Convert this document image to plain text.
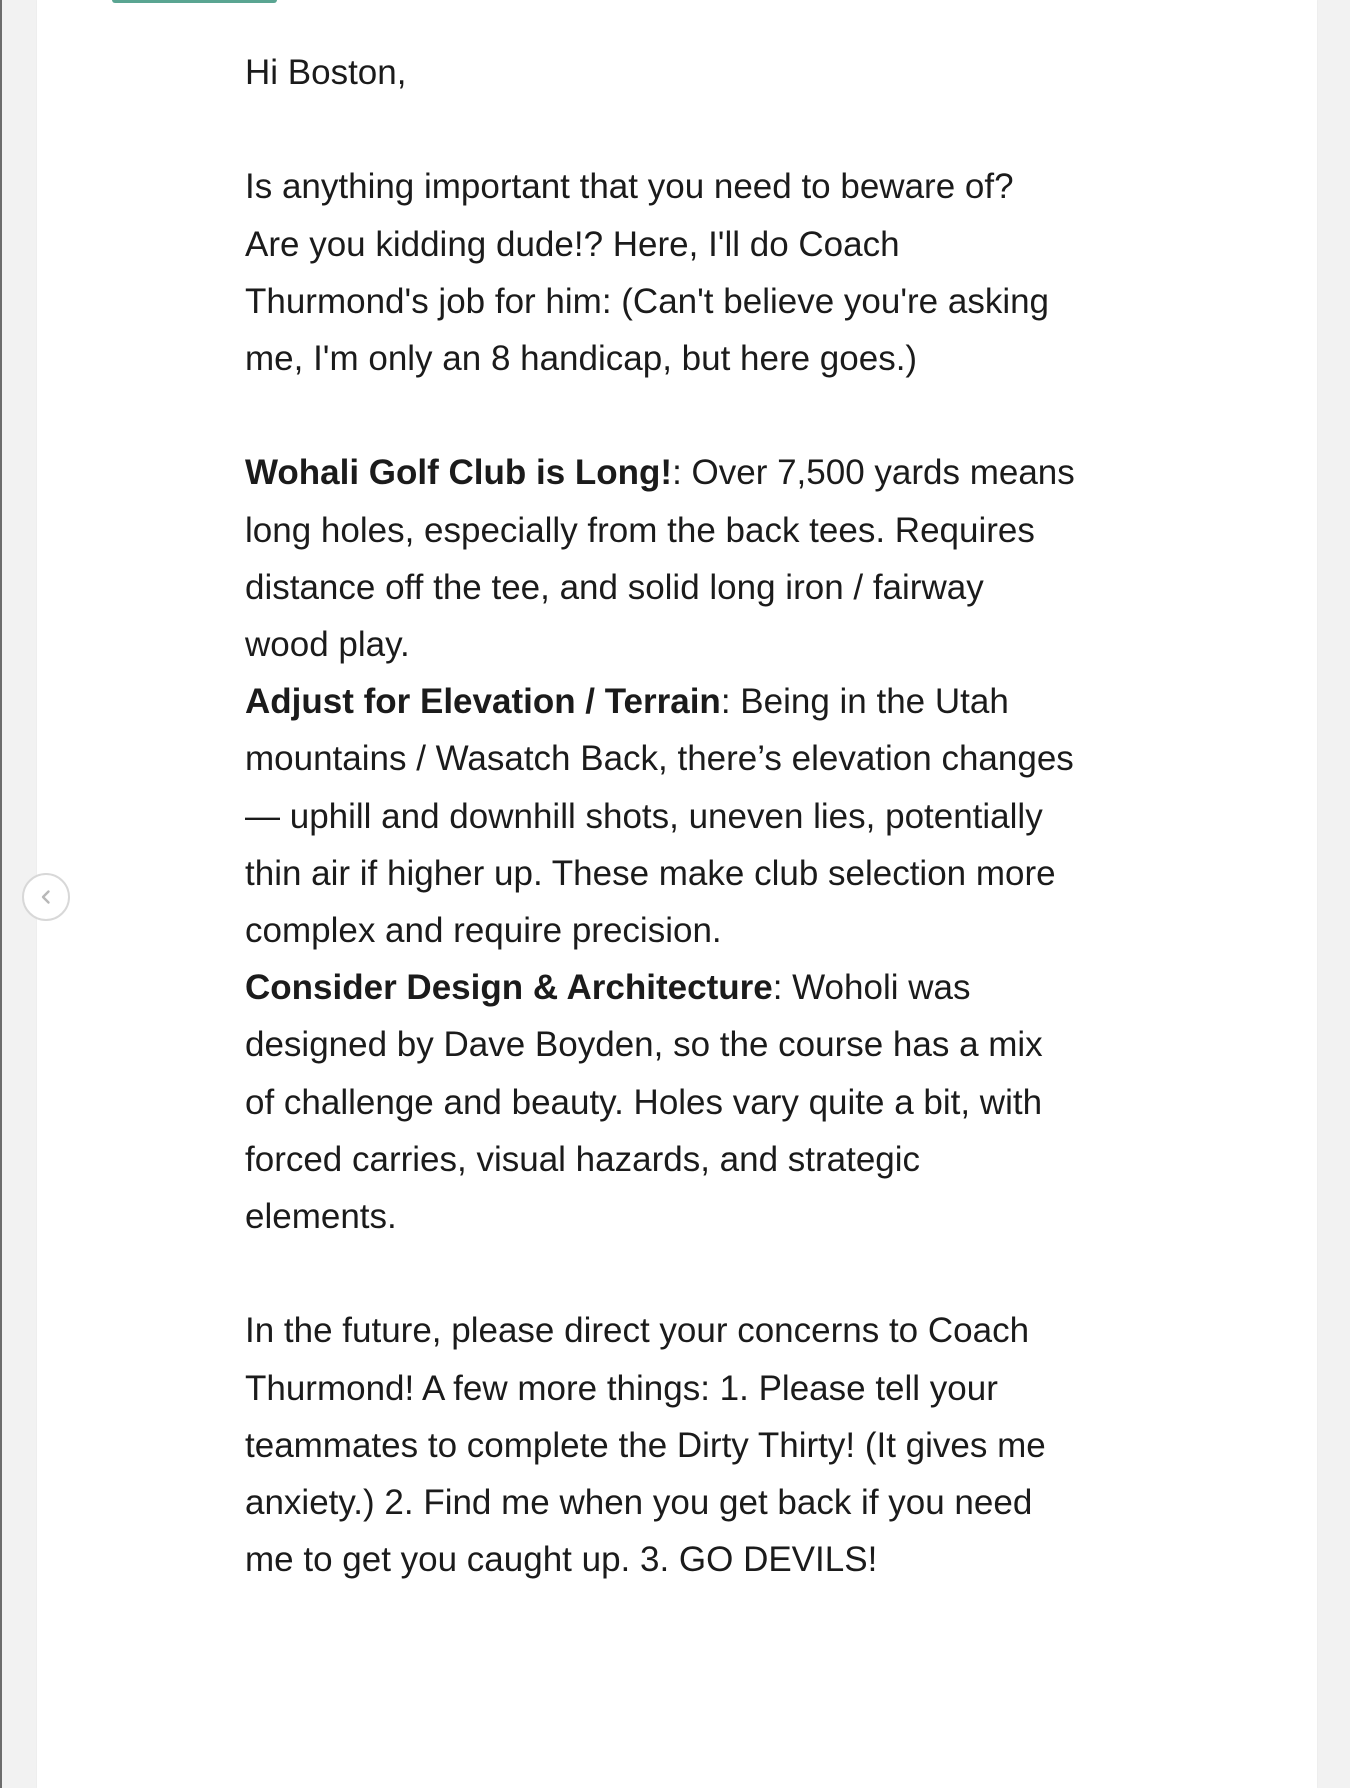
Hi Boston,

Is anything important that you need to beware of? Are you kidding dude!? Here, I'll do Coach Thurmond's job for him: (Can't believe you're asking me, I'm only an 8 handicap, but here goes.)

Wohali Golf Club is Long!: Over 7,500 yards means long holes, especially from the back tees. Requires distance off the tee, and solid long iron / fairway wood play.

Adjust for Elevation / Terrain: Being in the Utah mountains / Wasatch Back, there’s elevation changes — uphill and downhill shots, uneven lies, potentially thin air if higher up. These make club selection more complex and require precision.

Consider Design & Architecture: Woholi was designed by Dave Boyden, so the course has a mix of challenge and beauty. Holes vary quite a bit, with forced carries, visual hazards, and strategic elements.

In the future, please direct your concerns to Coach Thurmond! A few more things: 1. Please tell your teammates to complete the Dirty Thirty! (It gives me anxiety.) 2. Find me when you get back if you need me to get you caught up. 3. GO DEVILS!
